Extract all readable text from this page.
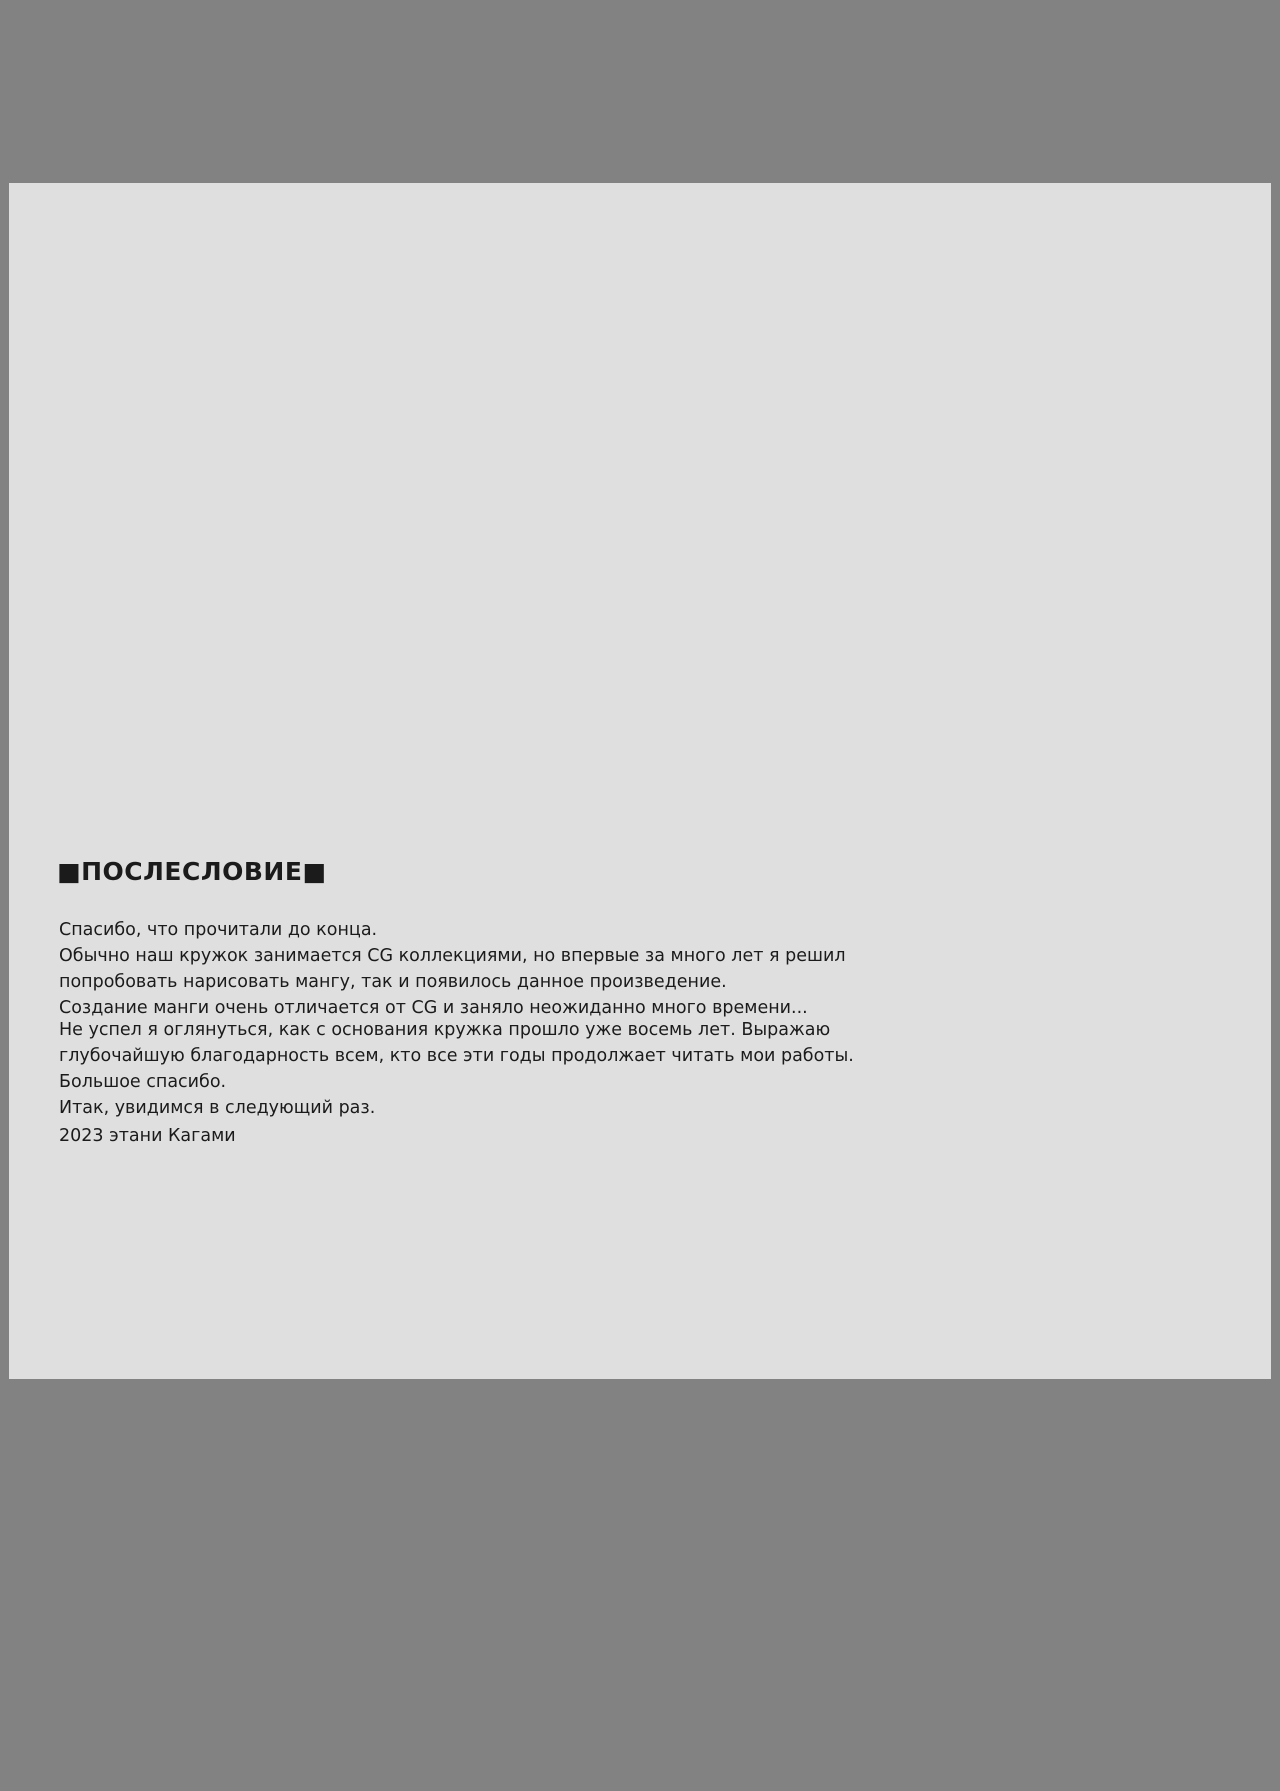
■ПОСЛЕСЛОВИЕ■

Спасибо, что прочитали до конца.

Обычно наш кружок занимается CG коллекциями, но впервые за много лет я решил

попробовать нарисовать мангу, так и появилось данное произведение.

Создание манги очень отличается от CG и заняло неожиданно много времени...

Не успел я оглянуться, как с основания кружка прошло уже восемь лет. Выражаю

глубочайшую благодарность всем, кто все эти годы продолжает читать мои работы.

Большое спасибо.

Итак, увидимся в следующий раз.

2023 этани Кагами
